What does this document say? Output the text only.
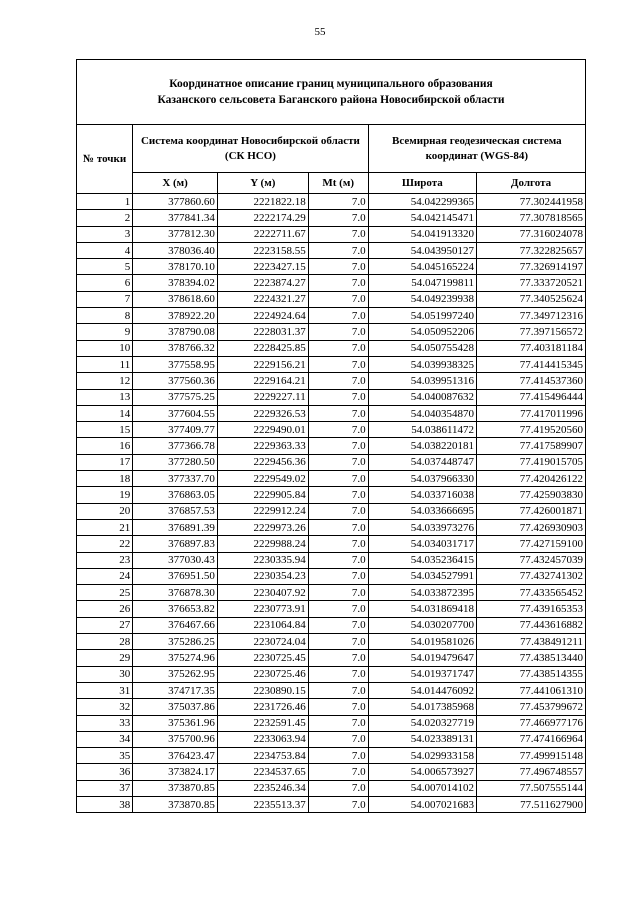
55
Координатное описание границ муниципального образования
Казанского сельсовета Баганского района Новосибирской области
№ точки	Система координат Новосибирской области (СК НСО)			Всемирная геодезическая система координат (WGS-84)	
	X (м)	Y (м)	Mt (м)	Широта	Долгота
1	377860.60	2221822.18	7.0	54.042299365	77.302441958
2	377841.34	2222174.29	7.0	54.042145471	77.307818565
3	377812.30	2222711.67	7.0	54.041913320	77.316024078
4	378036.40	2223158.55	7.0	54.043950127	77.322825657
5	378170.10	2223427.15	7.0	54.045165224	77.326914197
6	378394.02	2223874.27	7.0	54.047199811	77.333720521
7	378618.60	2224321.27	7.0	54.049239938	77.340525624
8	378922.20	2224924.64	7.0	54.051997240	77.349712316
9	378790.08	2228031.37	7.0	54.050952206	77.397156572
10	378766.32	2228425.85	7.0	54.050755428	77.403181184
11	377558.95	2229156.21	7.0	54.039938325	77.414415345
12	377560.36	2229164.21	7.0	54.039951316	77.414537360
13	377575.25	2229227.11	7.0	54.040087632	77.415496444
14	377604.55	2229326.53	7.0	54.040354870	77.417011996
15	377409.77	2229490.01	7.0	54.038611472	77.419520560
16	377366.78	2229363.33	7.0	54.038220181	77.417589907
17	377280.50	2229456.36	7.0	54.037448747	77.419015705
18	377337.70	2229549.02	7.0	54.037966330	77.420426122
19	376863.05	2229905.84	7.0	54.033716038	77.425903830
20	376857.53	2229912.24	7.0	54.033666695	77.426001871
21	376891.39	2229973.26	7.0	54.033973276	77.426930903
22	376897.83	2229988.24	7.0	54.034031717	77.427159100
23	377030.43	2230335.94	7.0	54.035236415	77.432457039
24	376951.50	2230354.23	7.0	54.034527991	77.432741302
25	376878.30	2230407.92	7.0	54.033872395	77.433565452
26	376653.82	2230773.91	7.0	54.031869418	77.439165353
27	376467.66	2231064.84	7.0	54.030207700	77.443616882
28	375286.25	2230724.04	7.0	54.019581026	77.438491211
29	375274.96	2230725.45	7.0	54.019479647	77.438513440
30	375262.95	2230725.46	7.0	54.019371747	77.438514355
31	374717.35	2230890.15	7.0	54.014476092	77.441061310
32	375037.86	2231726.46	7.0	54.017385968	77.453799672
33	375361.96	2232591.45	7.0	54.020327719	77.466977176
34	375700.96	2233063.94	7.0	54.023389131	77.474166964
35	376423.47	2234753.84	7.0	54.029933158	77.499915148
36	373824.17	2234537.65	7.0	54.006573927	77.496748557
37	373870.85	2235246.34	7.0	54.007014102	77.507555144
38	373870.85	2235513.37	7.0	54.007021683	77.511627900
